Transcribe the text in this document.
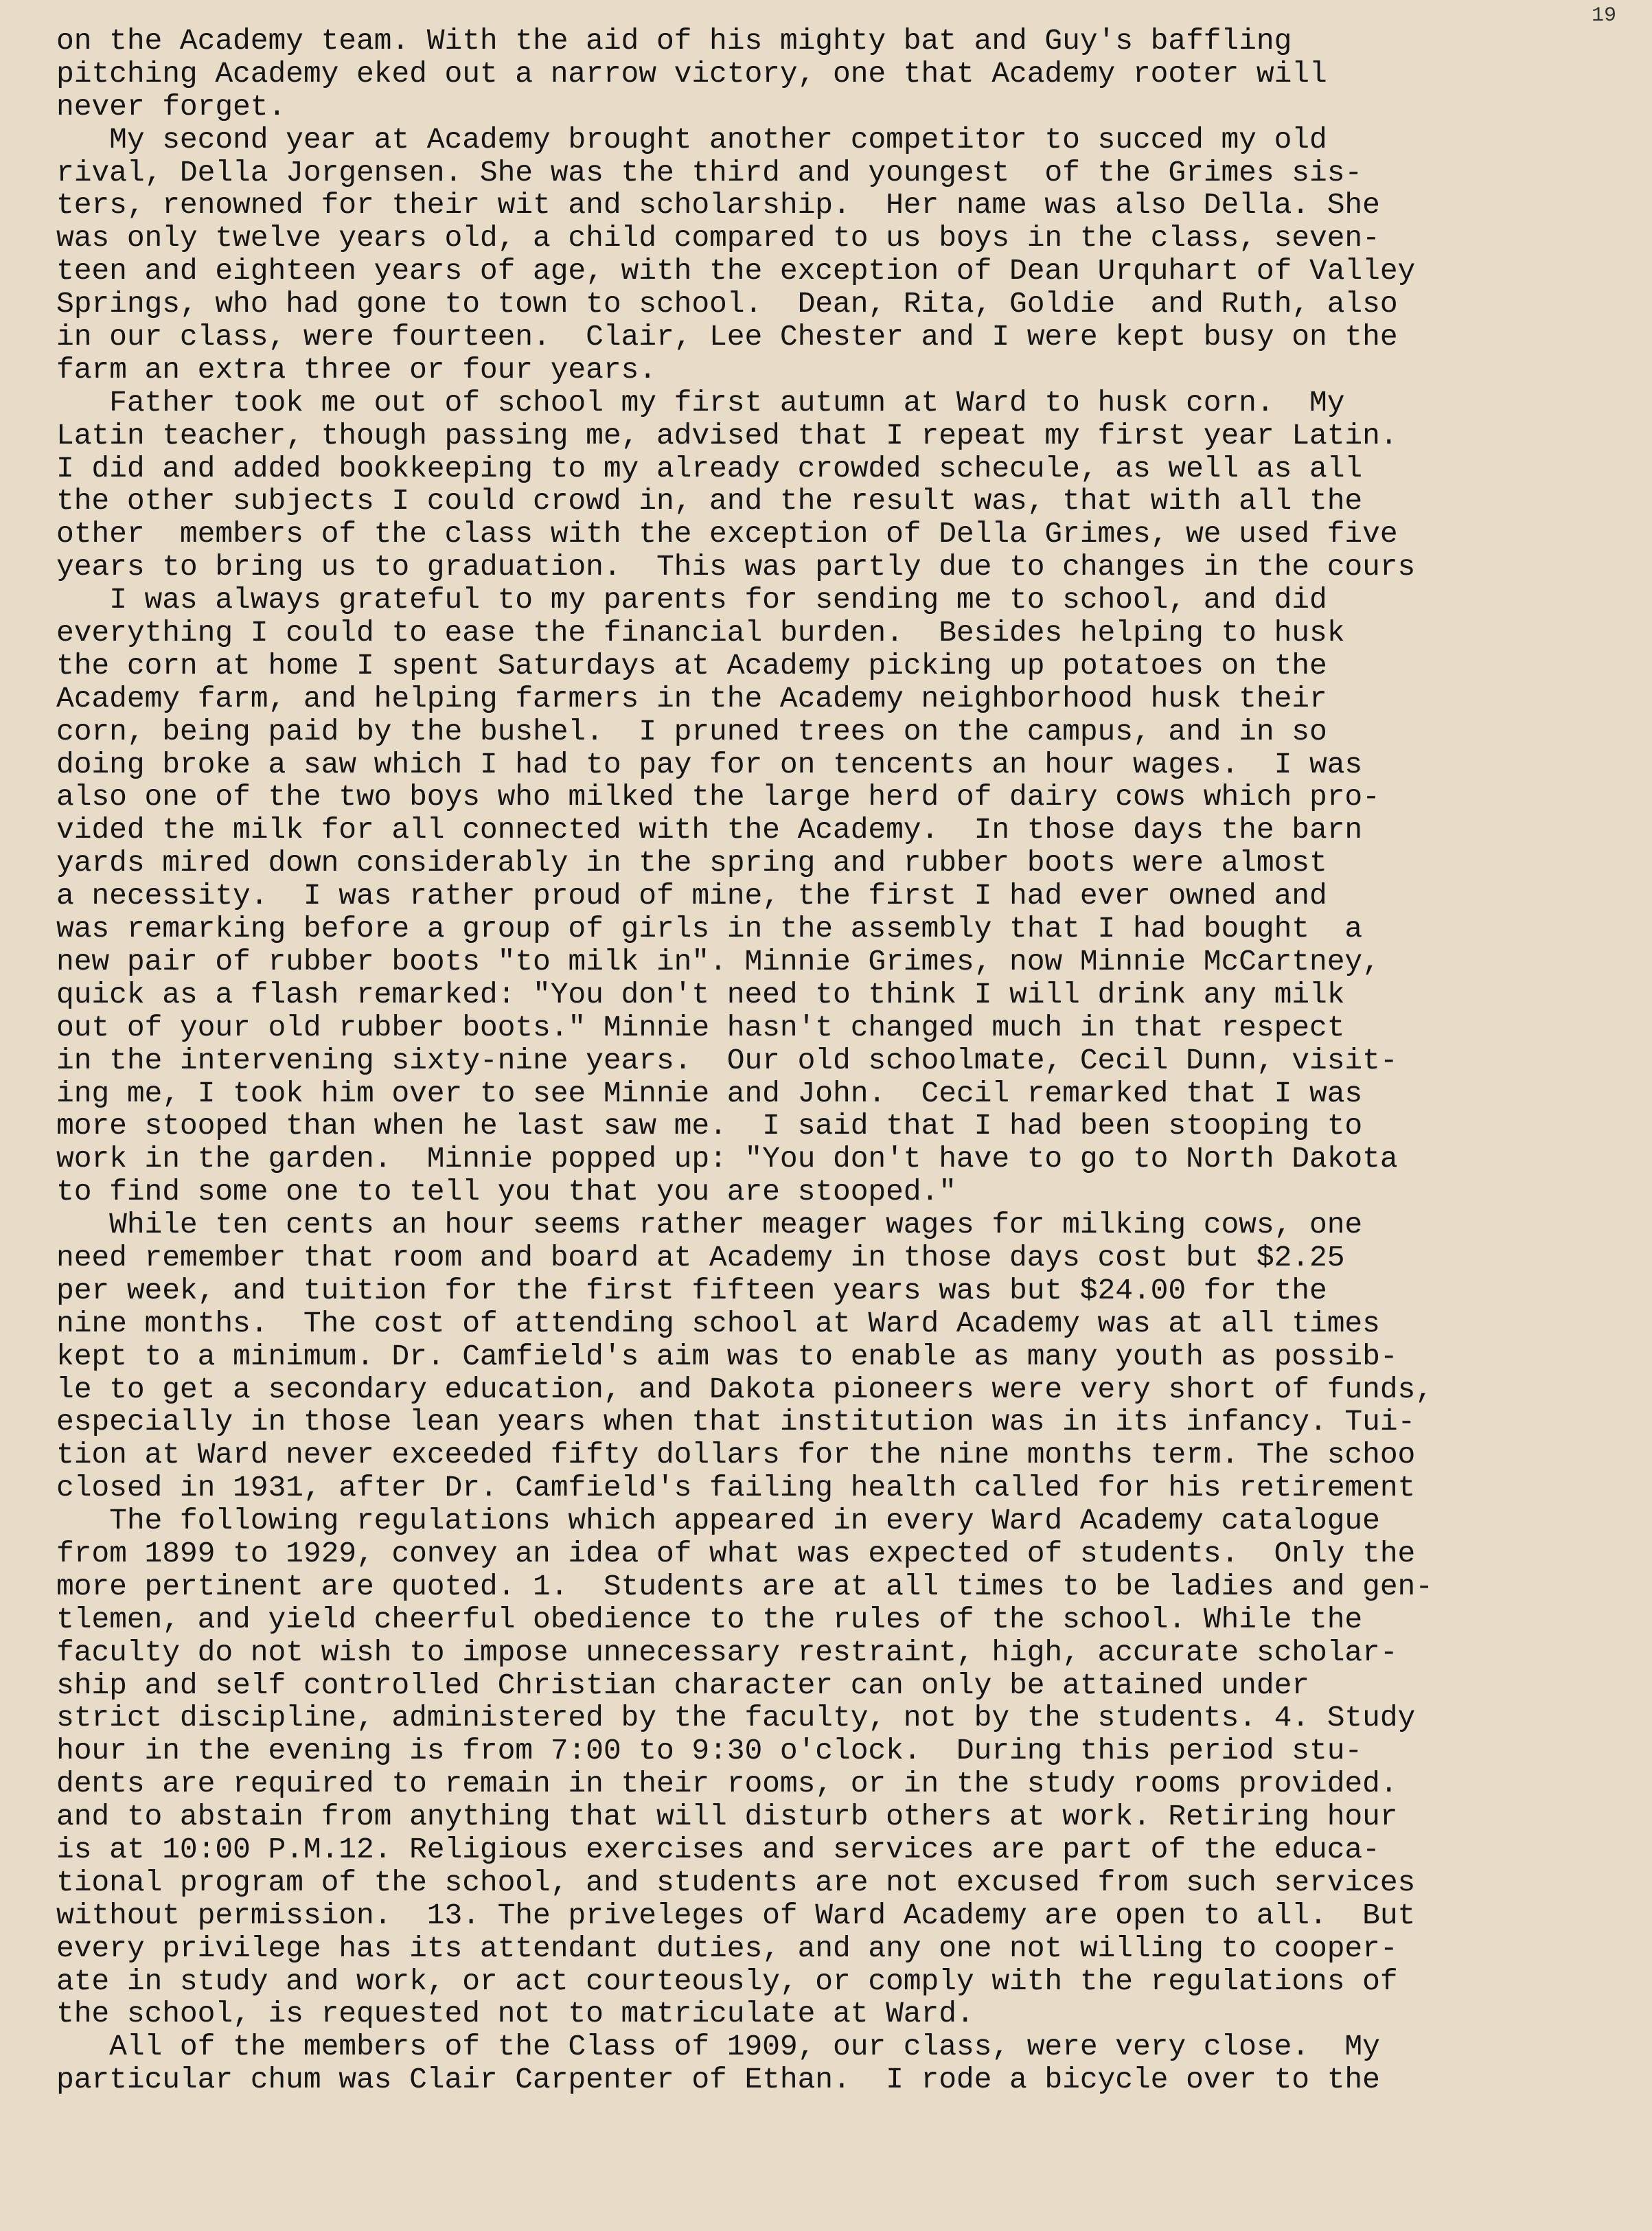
19
on the Academy team. With the aid of his mighty bat and Guy's baffling
pitching Academy eked out a narrow victory, one that Academy rooter will
never forget.
My second year at Academy brought another competitor to succed my old
rival, Della Jorgensen. She was the third and youngest  of the Grimes sis-
ters, renowned for their wit and scholarship.  Her name was also Della. She
was only twelve years old, a child compared to us boys in the class, seven-
teen and eighteen years of age, with the exception of Dean Urquhart of Valley
Springs, who had gone to town to school.  Dean, Rita, Goldie  and Ruth, also
in our class, were fourteen.  Clair, Lee Chester and I were kept busy on the
farm an extra three or four years.
Father took me out of school my first autumn at Ward to husk corn.  My
Latin teacher, though passing me, advised that I repeat my first year Latin.
I did and added bookkeeping to my already crowded schecule, as well as all
the other subjects I could crowd in, and the result was, that with all the
other  members of the class with the exception of Della Grimes, we used five
years to bring us to graduation.  This was partly due to changes in the cours
I was always grateful to my parents for sending me to school, and did
everything I could to ease the financial burden.  Besides helping to husk
the corn at home I spent Saturdays at Academy picking up potatoes on the
Academy farm, and helping farmers in the Academy neighborhood husk their
corn, being paid by the bushel.  I pruned trees on the campus, and in so
doing broke a saw which I had to pay for on tencents an hour wages.  I was
also one of the two boys who milked the large herd of dairy cows which pro-
vided the milk for all connected with the Academy.  In those days the barn
yards mired down considerably in the spring and rubber boots were almost
a necessity.  I was rather proud of mine, the first I had ever owned and
was remarking before a group of girls in the assembly that I had bought  a
new pair of rubber boots "to milk in". Minnie Grimes, now Minnie McCartney,
quick as a flash remarked: "You don't need to think I will drink any milk
out of your old rubber boots." Minnie hasn't changed much in that respect
in the intervening sixty-nine years.  Our old schoolmate, Cecil Dunn, visit-
ing me, I took him over to see Minnie and John.  Cecil remarked that I was
more stooped than when he last saw me.  I said that I had been stooping to
work in the garden.  Minnie popped up: "You don't have to go to North Dakota
to find some one to tell you that you are stooped."
While ten cents an hour seems rather meager wages for milking cows, one
need remember that room and board at Academy in those days cost but $2.25
per week, and tuition for the first fifteen years was but $24.00 for the
nine months.  The cost of attending school at Ward Academy was at all times
kept to a minimum. Dr. Camfield's aim was to enable as many youth as possib-
le to get a secondary education, and Dakota pioneers were very short of funds,
especially in those lean years when that institution was in its infancy. Tui-
tion at Ward never exceeded fifty dollars for the nine months term. The schoo
closed in 1931, after Dr. Camfield's failing health called for his retirement
The following regulations which appeared in every Ward Academy catalogue
from 1899 to 1929, convey an idea of what was expected of students.  Only the
more pertinent are quoted. 1.  Students are at all times to be ladies and gen-
tlemen, and yield cheerful obedience to the rules of the school. While the
faculty do not wish to impose unnecessary restraint, high, accurate scholar-
ship and self controlled Christian character can only be attained under
strict discipline, administered by the faculty, not by the students. 4. Study
hour in the evening is from 7:00 to 9:30 o'clock.  During this period stu-
dents are required to remain in their rooms, or in the study rooms provided.
and to abstain from anything that will disturb others at work. Retiring hour
is at 10:00 P.M.12. Religious exercises and services are part of the educa-
tional program of the school, and students are not excused from such services
without permission.  13. The priveleges of Ward Academy are open to all.  But
every privilege has its attendant duties, and any one not willing to cooper-
ate in study and work, or act courteously, or comply with the regulations of
the school, is requested not to matriculate at Ward.
All of the members of the Class of 1909, our class, were very close.  My
particular chum was Clair Carpenter of Ethan.  I rode a bicycle over to the
